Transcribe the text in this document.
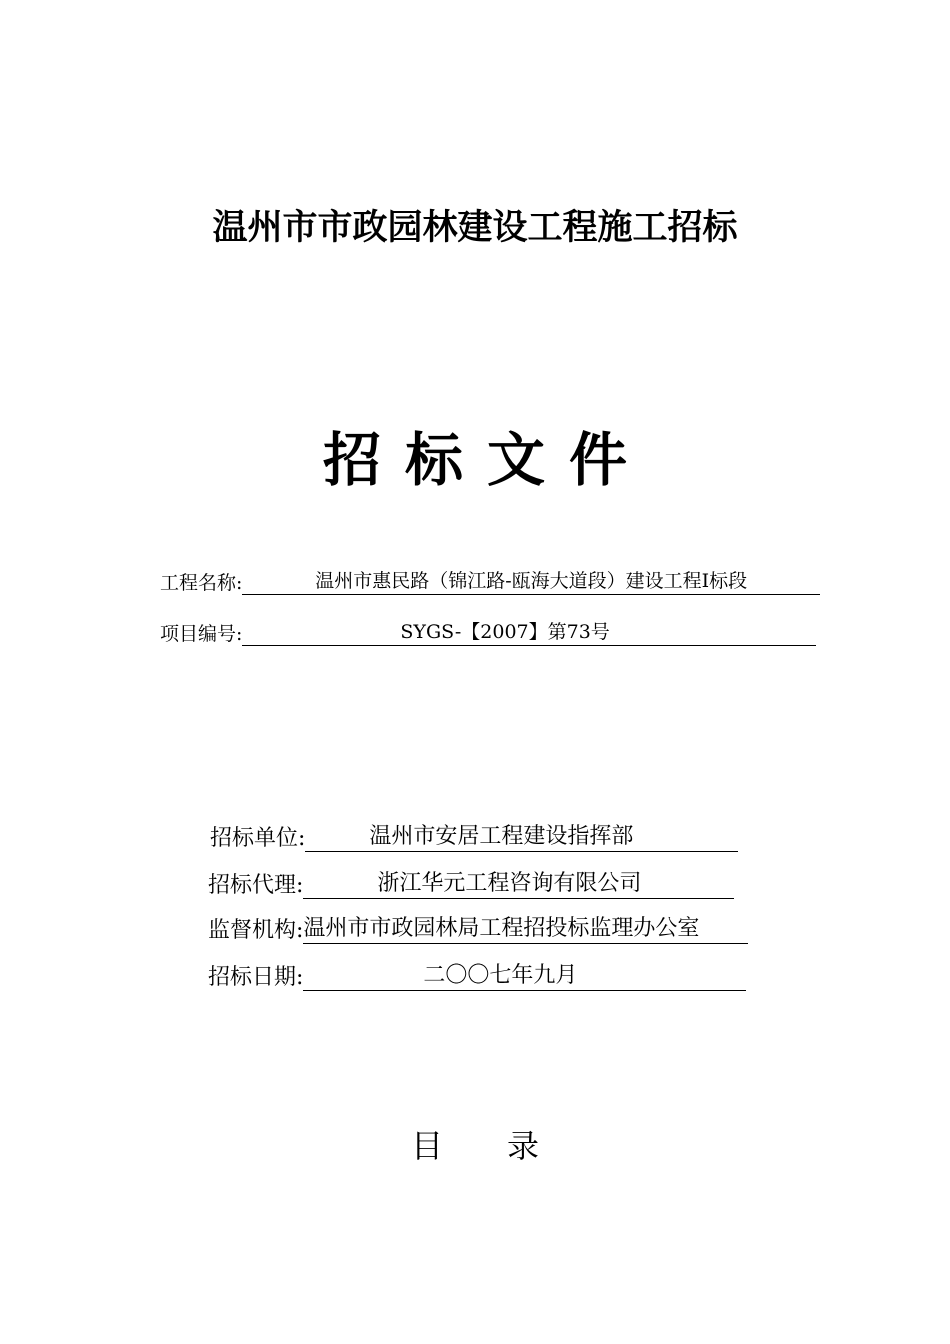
温州市市政园林建设工程施工招标
招标文件
工程名称:	温州市惠民路（锦江路-瓯海大道段）建设工程Ⅰ标段
项目编号:	SYGS-【2007】第73号
招标单位:	温州市安居工程建设指挥部
招标代理:	浙江华元工程咨询有限公司
监督机构: 温州市市政园林局工程招投标监理办公室
招标日期:	二〇〇七年九月
目 录
